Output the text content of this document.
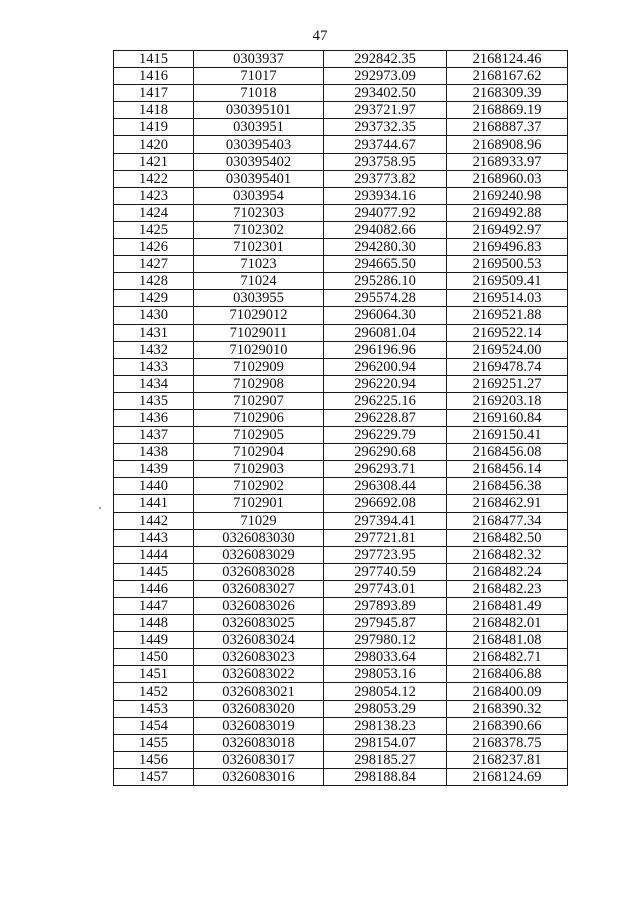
47
1415	0303937	292842.35	2168124.46
1416	71017	292973.09	2168167.62
1417	71018	293402.50	2168309.39
1418	030395101	293721.97	2168869.19
1419	0303951	293732.35	2168887.37
1420	030395403	293744.67	2168908.96
1421	030395402	293758.95	2168933.97
1422	030395401	293773.82	2168960.03
1423	0303954	293934.16	2169240.98
1424	7102303	294077.92	2169492.88
1425	7102302	294082.66	2169492.97
1426	7102301	294280.30	2169496.83
1427	71023	294665.50	2169500.53
1428	71024	295286.10	2169509.41
1429	0303955	295574.28	2169514.03
1430	71029012	296064.30	2169521.88
1431	71029011	296081.04	2169522.14
1432	71029010	296196.96	2169524.00
1433	7102909	296200.94	2169478.74
1434	7102908	296220.94	2169251.27
1435	7102907	296225.16	2169203.18
1436	7102906	296228.87	2169160.84
1437	7102905	296229.79	2169150.41
1438	7102904	296290.68	2168456.08
1439	7102903	296293.71	2168456.14
1440	7102902	296308.44	2168456.38
1441	7102901	296692.08	2168462.91
1442	71029	297394.41	2168477.34
1443	0326083030	297721.81	2168482.50
1444	0326083029	297723.95	2168482.32
1445	0326083028	297740.59	2168482.24
1446	0326083027	297743.01	2168482.23
1447	0326083026	297893.89	2168481.49
1448	0326083025	297945.87	2168482.01
1449	0326083024	297980.12	2168481.08
1450	0326083023	298033.64	2168482.71
1451	0326083022	298053.16	2168406.88
1452	0326083021	298054.12	2168400.09
1453	0326083020	298053.29	2168390.32
1454	0326083019	298138.23	2168390.66
1455	0326083018	298154.07	2168378.75
1456	0326083017	298185.27	2168237.81
1457	0326083016	298188.84	2168124.69
